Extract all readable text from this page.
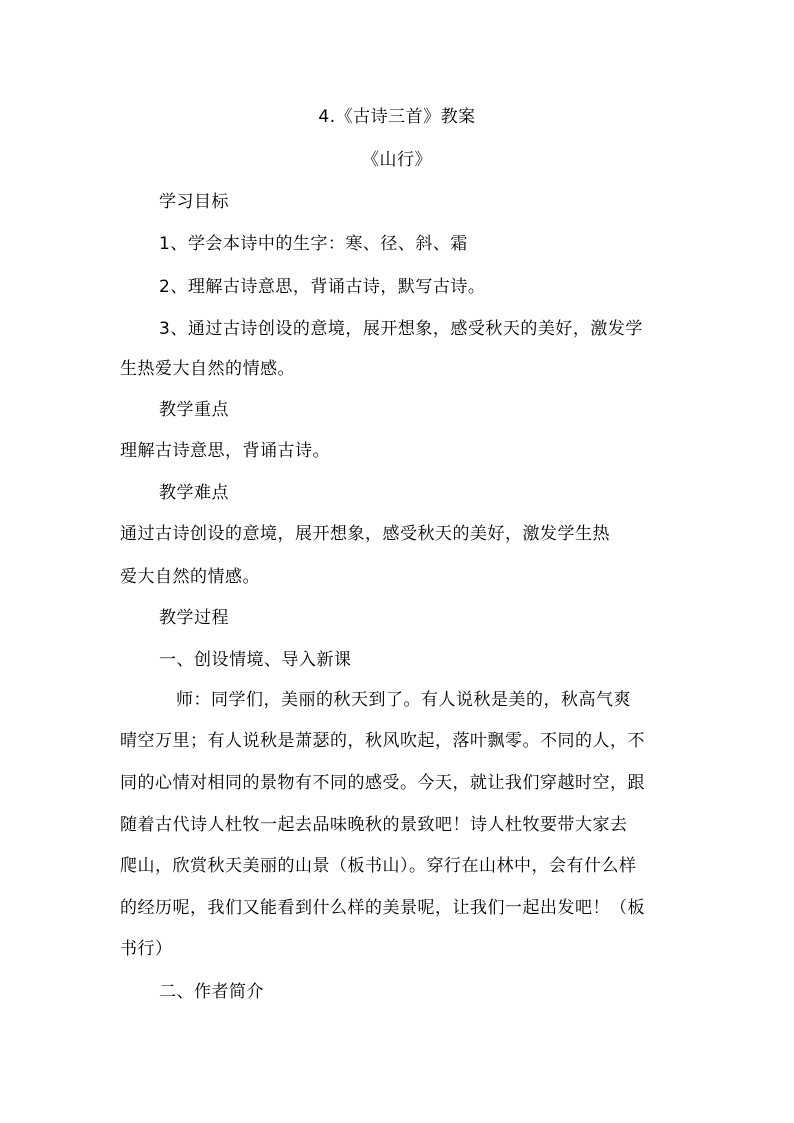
4.《古诗三首》教案
《山行》
学习目标
1、学会本诗中的生字：寒、径、斜、霜
2、理解古诗意思，背诵古诗，默写古诗。
3、通过古诗创设的意境，展开想象，感受秋天的美好，激发学
生热爱大自然的情感。
教学重点
理解古诗意思，背诵古诗。
教学难点
通过古诗创设的意境，展开想象，感受秋天的美好，激发学生热
爱大自然的情感。
教学过程
一、创设情境、导入新课
师：同学们，美丽的秋天到了。有人说秋是美的，秋高气爽
晴空万里；有人说秋是萧瑟的，秋风吹起，落叶飘零。不同的人，不
同的心情对相同的景物有不同的感受。今天，就让我们穿越时空，跟
随着古代诗人杜牧一起去品味晚秋的景致吧！诗人杜牧要带大家去
爬山，欣赏秋天美丽的山景（板书山）。穿行在山林中，会有什么样
的经历呢，我们又能看到什么样的美景呢，让我们一起出发吧！（板
书行）
二、作者简介
